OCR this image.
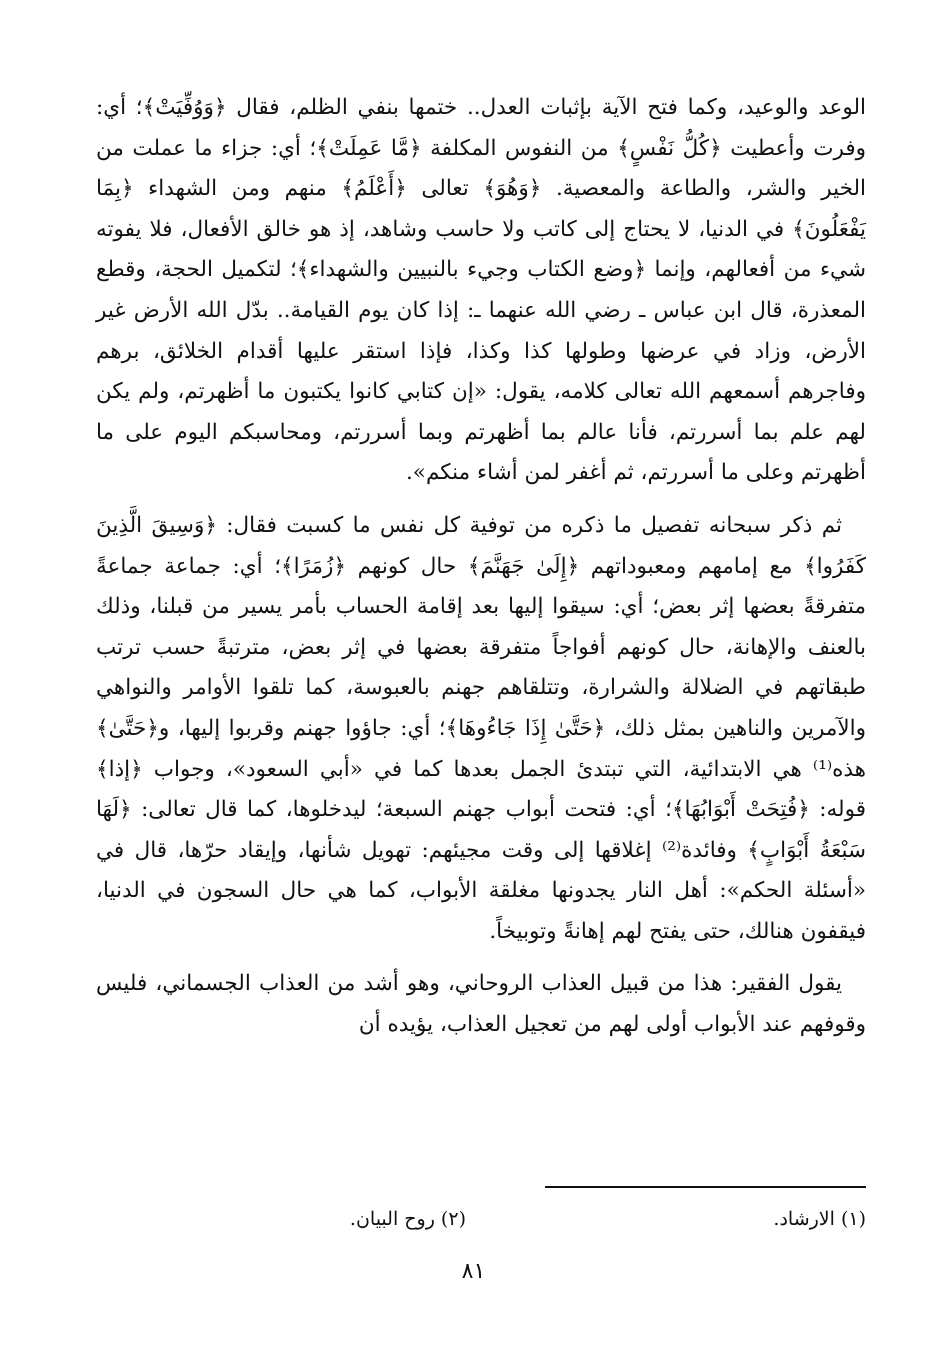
الوعد والوعيد، وكما فتح الآية بإثبات العدل.. ختمها بنفي الظلم، فقال ﴿وَوُفِّيَتْ﴾؛ أي: وفرت وأعطيت ﴿كُلُّ نَفْسٍ﴾ من النفوس المكلفة ﴿مَّا عَمِلَتْ﴾؛ أي: جزاء ما عملت من الخير والشر، والطاعة والمعصية. ﴿وَهُوَ﴾ تعالى ﴿أَعْلَمُ﴾ منهم ومن الشهداء ﴿بِمَا يَفْعَلُونَ﴾ في الدنيا، لا يحتاج إلى كاتب ولا حاسب وشاهد، إذ هو خالق الأفعال، فلا يفوته شيء من أفعالهم، وإنما ﴿وضع الكتاب وجيء بالنبيين والشهداء﴾؛ لتكميل الحجة، وقطع المعذرة، قال ابن عباس ـ رضي الله عنهما ـ: إذا كان يوم القيامة.. بدّل الله الأرض غير الأرض، وزاد في عرضها وطولها كذا وكذا، فإذا استقر عليها أقدام الخلائق، برهم وفاجرهم أسمعهم الله تعالى كلامه، يقول: «إن كتابي كانوا يكتبون ما أظهرتم، ولم يكن لهم علم بما أسررتم، فأنا عالم بما أظهرتم وبما أسررتم، ومحاسبكم اليوم على ما أظهرتم وعلى ما أسررتم، ثم أغفر لمن أشاء منكم».

ثم ذكر سبحانه تفصيل ما ذكره من توفية كل نفس ما كسبت فقال: ﴿وَسِيقَ الَّذِينَ كَفَرُوا﴾ مع إمامهم ومعبوداتهم ﴿إِلَىٰ جَهَنَّمَ﴾ حال كونهم ﴿زُمَرًا﴾؛ أي: جماعة جماعةً متفرقةً بعضها إثر بعض؛ أي: سيقوا إليها بعد إقامة الحساب بأمر يسير من قبلنا، وذلك بالعنف والإهانة، حال كونهم أفواجاً متفرقة بعضها في إثر بعض، مترتبةً حسب ترتب طبقاتهم في الضلالة والشرارة، وتتلقاهم جهنم بالعبوسة، كما تلقوا الأوامر والنواهي والآمرين والناهين بمثل ذلك، ﴿حَتَّىٰ إِذَا جَاءُوهَا﴾؛ أي: جاؤوا جهنم وقربوا إليها، و﴿حَتَّىٰ﴾ هذه⁽¹⁾ هي الابتدائية، التي تبتدئ الجمل بعدها كما في «أبي السعود»، وجواب ﴿إذا﴾ قوله: ﴿فُتِحَتْ أَبْوَابُهَا﴾؛ أي: فتحت أبواب جهنم السبعة؛ ليدخلوها، كما قال تعالى: ﴿لَهَا سَبْعَةُ أَبْوَابٍ﴾ وفائدة⁽²⁾ إغلاقها إلى وقت مجيئهم: تهويل شأنها، وإيقاد حرّها، قال في «أسئلة الحكم»: أهل النار يجدونها مغلقة الأبواب، كما هي حال السجون في الدنيا، فيقفون هنالك، حتى يفتح لهم إهانةً وتوبيخاً.

يقول الفقير: هذا من قبيل العذاب الروحاني، وهو أشد من العذاب الجسماني، فليس وقوفهم عند الأبواب أولى لهم من تعجيل العذاب، يؤيده أن

(١) الارشاد.
(٢) روح البيان.
٨١
